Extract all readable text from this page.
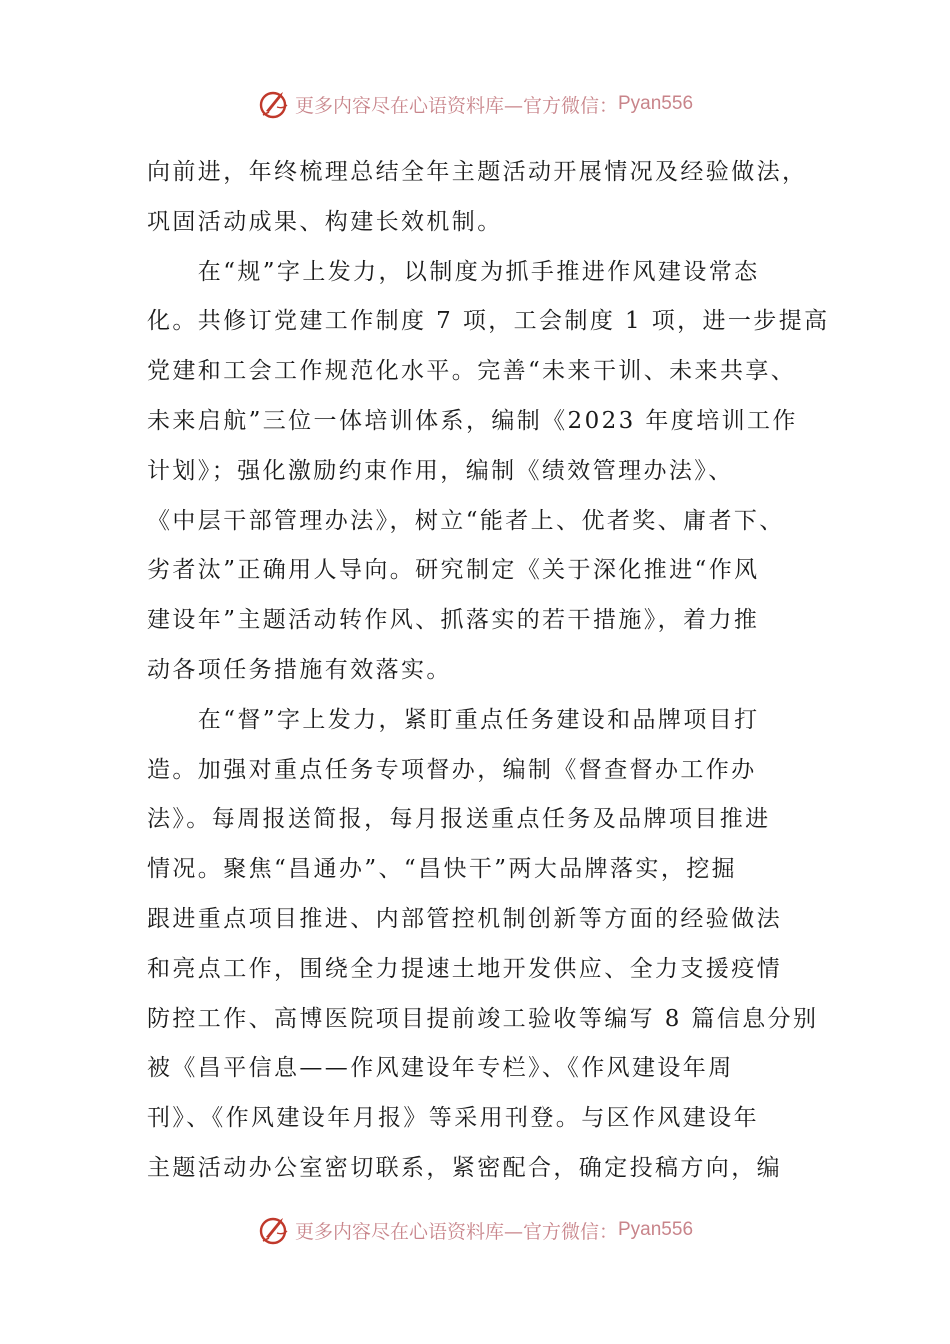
更多内容尽在心语资料库—官方微信： Pyan556
向前进，年终梳理总结全年主题活动开展情况及经验做法，
巩固活动成果、构建长效机制。
　　在“规”字上发力，以制度为抓手推进作风建设常态
化。共修订党建工作制度 7 项，工会制度 1 项，进一步提高
党建和工会工作规范化水平。完善“未来干训、未来共享、
未来启航”三位一体培训体系，编制《2023 年度培训工作
计划》；强化激励约束作用，编制《绩效管理办法》、
《中层干部管理办法》，树立“能者上、优者奖、庸者下、
劣者汰”正确用人导向。研究制定《关于深化推进“作风
建设年”主题活动转作风、抓落实的若干措施》，着力推
动各项任务措施有效落实。
　　在“督”字上发力，紧盯重点任务建设和品牌项目打
造。加强对重点任务专项督办，编制《督查督办工作办
法》。每周报送简报，每月报送重点任务及品牌项目推进
情况。聚焦“昌通办”、“昌快干”两大品牌落实，挖掘
跟进重点项目推进、内部管控机制创新等方面的经验做法
和亮点工作，围绕全力提速土地开发供应、全力支援疫情
防控工作、高博医院项目提前竣工验收等编写 8 篇信息分别
被《昌平信息——作风建设年专栏》、《作风建设年周
刊》、《作风建设年月报》等采用刊登。与区作风建设年
主题活动办公室密切联系，紧密配合，确定投稿方向，编
更多内容尽在心语资料库—官方微信： Pyan556
